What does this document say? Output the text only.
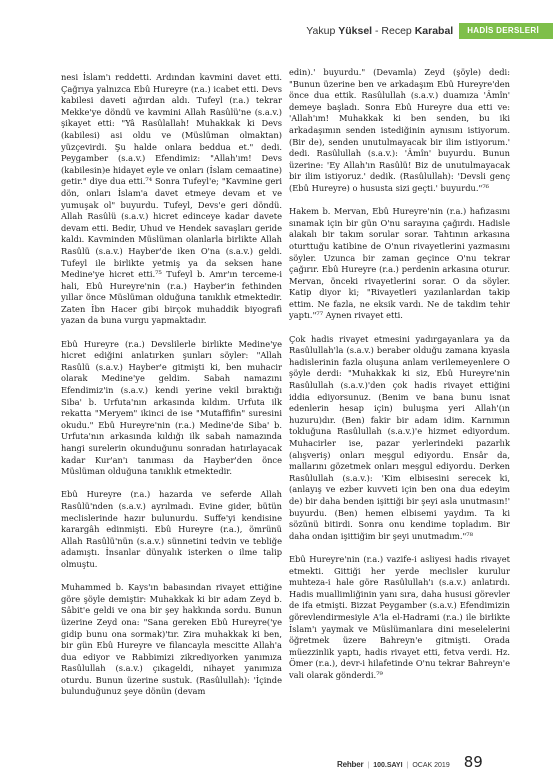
Yakup Yüksel - Recep Karabal	HADİS DERSLERİ

nesi İslam'ı reddetti. Ardından kavmini davet etti. Çağrıya yalnızca Ebû Hureyre (r.a.) icabet etti. Devs kabilesi daveti ağırdan aldı. Tufeyl (r.a.) tekrar Mekke'ye döndü ve kavmini Allah Rasûlü'ne (s.a.v.) şikayet etti: "Yâ Rasûlallah! Muhakkak ki Devs (kabilesi) asi oldu ve (Müslüman olmaktan) yüzçevirdi. Şu halde onlara beddua et." dedi. Peygamber (s.a.v.) Efendimiz: "Allah'ım! Devs (kabilesin)e hidayet eyle ve onları (İslam cemaatine) getir." diye dua etti.⁷⁴ Sonra Tufeyl'e; "Kavmine geri dön, onları İslam'a davet etmeye devam et ve yumuşak ol" buyurdu. Tufeyl, Devs'e geri döndü. Allah Rasûlü (s.a.v.) hicret edinceye kadar davete devam etti. Bedir, Uhud ve Hendek savaşları geride kaldı. Kavminden Müslüman olanlarla birlikte Allah Rasûlü (s.a.v.) Hayber'de iken O'na (s.a.v.) geldi. Tufeyl ile birlikte yetmiş ya da seksen hane Medine'ye hicret etti.⁷⁵ Tufeyl b. Amr'ın terceme-i hali, Ebû Hureyre'nin (r.a.) Hayber'in fethinden yıllar önce Müslüman olduğuna tanıklık etmektedir. Zaten İbn Hacer gibi birçok muhaddik biyografi yazan da buna vurgu yapmaktadır.

Ebû Hureyre (r.a.) Devslilerle birlikte Medine'ye hicret ediğini anlatırken şunları söyler: "Allah Rasûlü (s.a.v.) Hayber'e gitmişti ki, ben muhacir olarak Medine'ye geldim. Sabah namazını Efendimiz'in (s.a.v.) kendi yerine vekil bıraktığı Siba' b. Urfuta'nın arkasında kıldım. Urfuta ilk rekatta "Meryem" ikinci de ise "Mutaffifin" suresini okudu." Ebû Hureyre'nin (r.a.) Medine'de Siba' b. Urfuta'nın arkasında kıldığı ilk sabah namazında hangi surelerin okunduğunu sonradan hatırlayacak kadar Kur'an'ı tanıması da Hayber'den önce Müslüman olduğuna tanıklık etmektedir.

Ebû Hureyre (r.a.) hazarda ve seferde Allah Rasûlü'nden (s.a.v.) ayrılmadı. Evine gider, bütün meclislerinde hazır bulunurdu. Suffe'yi kendisine karargâh edinmişti. Ebû Hureyre (r.a.), ömrünü Allah Rasûlü'nün (s.a.v.) sünnetini tedvin ve tebliğe adamıştı. İnsanlar dünyalık isterken o ilme talip olmuştu.

Muhammed b. Kays'ın babasından rivayet ettiğine göre şöyle demiştir: Muhakkak ki bir adam Zeyd b. Sâbit'e geldi ve ona bir şey hakkında sordu. Bunun üzerine Zeyd ona: "Sana gereken Ebû Hureyre('ye gidip bunu ona sormak)'tır. Zira muhakkak ki ben, bir gün Ebû Hureyre ve filancayla mescitte Allah'a dua ediyor ve Rabbimizi zikrediyorken yanımıza Rasûlullah (s.a.v.) çıkageldi, nihayet yanımıza oturdu. Bunun üzerine sustuk. (Rasûlullah): 'İçinde bulunduğunuz şeye dönün (devam

edin).' buyurdu." (Devamla) Zeyd (şöyle) dedi: "Bunun üzerine ben ve arkadaşım Ebû Hureyre'den önce dua ettik. Rasûlullah (s.a.v.) duamıza 'Âmîn' demeye başladı. Sonra Ebû Hureyre dua etti ve: 'Allah'ım! Muhakkak ki ben senden, bu iki arkadaşımın senden istediğinin aynısını istiyorum. (Bir de), senden unutulmayacak bir ilim istiyorum.' dedi. Rasûlullah (s.a.v.): 'Âmîn' buyurdu. Bunun üzerine: 'Ey Allah'ın Rasûlü! Biz de unutulmayacak bir ilim istiyoruz.' dedik. (Rasûlullah): 'Devsli genç (Ebû Hureyre) o hususta sizi geçti.' buyurdu."⁷⁶

Hakem b. Mervan, Ebû Hureyre'nin (r.a.) hafızasını sınamak için bir gün O'nu sarayına çağırdı. Hadisle alakalı bir takım sorular sorar. Tahtının arkasına oturttuğu katibine de O'nun rivayetlerini yazmasını söyler. Uzunca bir zaman geçince O'nu tekrar çağırır. Ebû Hureyre (r.a.) perdenin arkasına oturur. Mervan, önceki rivayetlerini sorar. O da söyler. Katip diyor ki; "Rivayetleri yazılanlardan takip ettim. Ne fazla, ne eksik vardı. Ne de takdim tehir yaptı."⁷⁷ Aynen rivayet etti.

Çok hadis rivayet etmesini yadırgayanlara ya da Rasûlullah'la (s.a.v.) beraber olduğu zamana kıyasla hadislerinin fazla oluşuna anlam verilemeyenlere O şöyle derdi: "Muhakkak ki siz, Ebû Hureyre'nin Rasûlullah (s.a.v.)'den çok hadis rivayet ettiğini iddia ediyorsunuz. (Benim ve bana bunu isnat edenlerin hesap için) buluşma yeri Allah'(ın huzuru)dır. (Ben) fakir bir adam idim. Karnımın tokluğuna Rasûlullah (s.a.v.)'e hizmet ediyordum. Muhacirler ise, pazar yerlerindeki pazarlık (alışveriş) onları meşgul ediyordu. Ensâr da, mallarını gözetmek onları meşgul ediyordu. Derken Rasûlullah (s.a.v.): 'Kim elbisesini serecek ki, (anlayış ve ezber kuvveti için ben ona dua edeyim de) bir daha benden işittiği bir şeyi asla unutmasın!' buyurdu. (Ben) hemen elbisemi yaydım. Ta ki sözünü bitirdi. Sonra onu kendime topladım. Bir daha ondan işittiğim bir şeyi unutmadım."⁷⁸

Ebû Hureyre'nin (r.a.) vazife-i asliyesi hadis rivayet etmekti. Gittiği her yerde meclisler kurulur muhteza-i hale göre Rasûlullah'ı (s.a.v.) anlatırdı. Hadis muallimliğinin yanı sıra, daha hususi görevler de ifa etmişti. Bizzat Peygamber (s.a.v.) Efendimizin görevlendirmesiyle A'la el-Hadrami (r.a.) ile birlikte İslam'ı yaymak ve Müslümanlara dini meselelerini öğretmek üzere Bahreyn'e gitmişti. Orada müezzinlik yaptı, hadis rivayet etti, fetva verdi. Hz. Ömer (r.a.), devr-i hilafetinde O'nu tekrar Bahreyn'e vali olarak gönderdi.⁷⁹

Rehber | 100.SAYI | OCAK 2019 89
